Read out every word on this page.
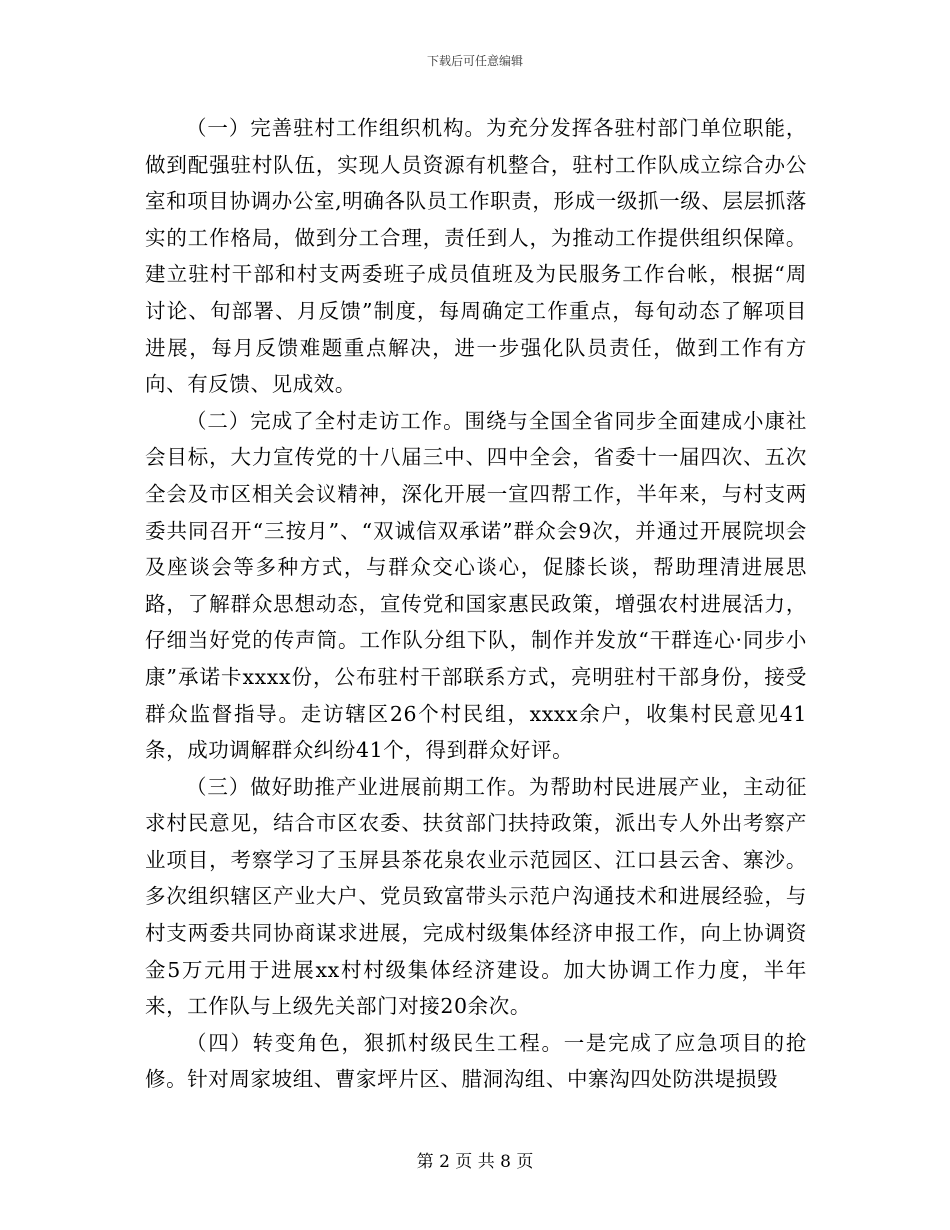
下载后可任意编辑

（一）完善驻村工作组织机构。为充分发挥各驻村部门单位职能，做到配强驻村队伍，实现人员资源有机整合，驻村工作队成立综合办公室和项目协调办公室,明确各队员工作职责，形成一级抓一级、层层抓落实的工作格局，做到分工合理，责任到人，为推动工作提供组织保障。建立驻村干部和村支两委班子成员值班及为民服务工作台帐，根据“周讨论、旬部署、月反馈”制度，每周确定工作重点，每旬动态了解项目进展，每月反馈难题重点解决，进一步强化队员责任，做到工作有方向、有反馈、见成效。

（二）完成了全村走访工作。围绕与全国全省同步全面建成小康社会目标，大力宣传党的十八届三中、四中全会，省委十一届四次、五次全会及市区相关会议精神，深化开展一宣四帮工作，半年来，与村支两委共同召开“三按月”、“双诚信双承诺”群众会9次，并通过开展院坝会及座谈会等多种方式，与群众交心谈心，促膝长谈，帮助理清进展思路，了解群众思想动态，宣传党和国家惠民政策，增强农村进展活力，仔细当好党的传声筒。工作队分组下队，制作并发放“干群连心·同步小康”承诺卡xxxx份，公布驻村干部联系方式，亮明驻村干部身份，接受群众监督指导。走访辖区26个村民组，xxxx余户，收集村民意见41条，成功调解群众纠纷41个，得到群众好评。

（三）做好助推产业进展前期工作。为帮助村民进展产业，主动征求村民意见，结合市区农委、扶贫部门扶持政策，派出专人外出考察产业项目，考察学习了玉屏县茶花泉农业示范园区、江口县云舍、寨沙。多次组织辖区产业大户、党员致富带头示范户沟通技术和进展经验，与村支两委共同协商谋求进展，完成村级集体经济申报工作，向上协调资金5万元用于进展xx村村级集体经济建设。加大协调工作力度，半年来，工作队与上级先关部门对接20余次。

（四）转变角色，狠抓村级民生工程。一是完成了应急项目的抢修。针对周家坡组、曹家坪片区、腊洞沟组、中寨沟四处防洪堤损毁

第 2 页 共 8 页
